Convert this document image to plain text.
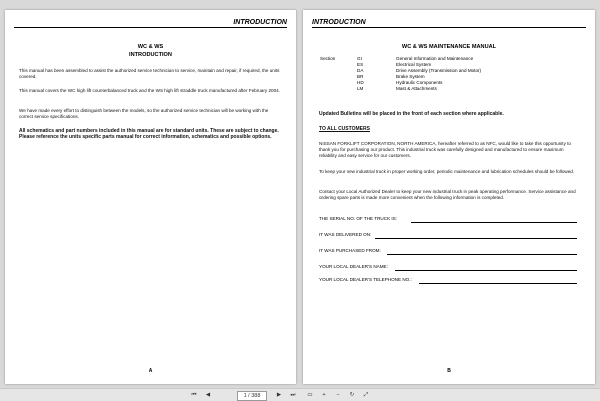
INTRODUCTION
WC & WS
INTRODUCTION
This manual has been assembled to assist the authorized service technician to service, maintain and repair, if required, the units covered.
This manual covers the WC high lift counterbalanced truck and the WS high lift straddle truck manufactured after February 2004.
We have made every effort to distinguish between the models, so the authorized service technician will be working with the correct service specifications.
All schematics and part numbers included in this manual are for standard units. These are subject to change. Please reference the units specific parts manual for correct information, schematics and possible options.
A
INTRODUCTION
WC & WS MAINTENANCE MANUAL
Section	GI	General Information and Maintenance
ES	Electrical System
DA	Drive Assembly (Transmission and Motor)
BR	Brake System
HD	Hydraulic Components
LM	Mast & Attachments
Updated Bulletins will be placed in the front of each section where applicable.
TO ALL CUSTOMERS
NISSAN FORKLIFT CORPORATION, NORTH AMERICA, hereafter referred to as NFC, would like to take this opportunity to thank you for purchasing our product. This industrial truck was carefully designed and manufactured to ensure maximum reliability and easy service for our customers.
To keep your new industrial truck in proper working order, periodic maintenance and lubrication schedules should be followed.
Contact your Local Authorized Dealer to keep your new industrial truck in peak operating performance. Service assistance and ordering spare parts is made more convenient when the following information is completed.
THE SERIAL NO. OF THE TRUCK IS:
IT WAS DELIVERED ON:
IT WAS PURCHASED FROM:
YOUR LOCAL DEALER'S NAME:
YOUR LOCAL DEALER'S TELEPHONE NO.:
B
⏮	◀	1 / 388	▶	⏭ ▭	+	−	↻	⤢
